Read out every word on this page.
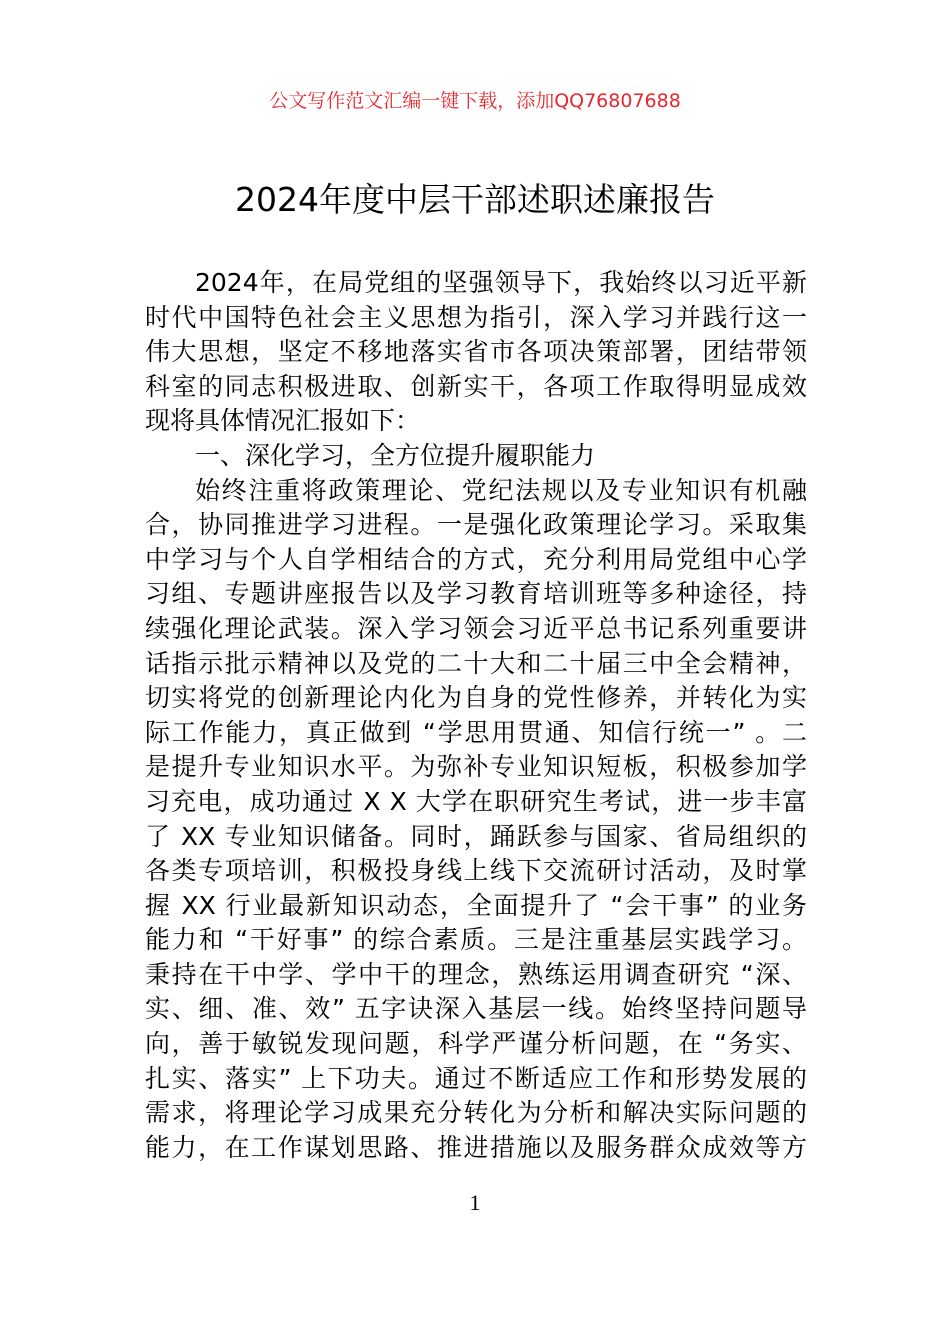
公文写作范文汇编一键下载，添加QQ76807688
2024年度中层干部述职述廉报告
2024年，在局党组的坚强领导下，我始终以习近平新
时代中国特色社会主义思想为指引，深入学习并践行这一
伟大思想，坚定不移地落实省市各项决策部署，团结带领
科室的同志积极进取、创新实干，各项工作取得明显成效
现将具体情况汇报如下：
一、深化学习，全方位提升履职能力
始终注重将政策理论、党纪法规以及专业知识有机融
合，协同推进学习进程。一是强化政策理论学习。采取集
中学习与个人自学相结合的方式，充分利用局党组中心学
习组、专题讲座报告以及学习教育培训班等多种途径，持
续强化理论武装。深入学习领会习近平总书记系列重要讲
话指示批示精神以及党的二十大和二十届三中全会精神，
切实将党的创新理论内化为自身的党性修养，并转化为实
际工作能力，真正做到 “学思用贯通、知信行统一” 。二
是提升专业知识水平。为弥补专业知识短板，积极参加学
习充电，成功通过 X X 大学在职研究生考试，进一步丰富
了 XX 专业知识储备。同时，踊跃参与国家、省局组织的
各类专项培训，积极投身线上线下交流研讨活动，及时掌
握 XX 行业最新知识动态，全面提升了 “会干事” 的业务
能力和 “干好事” 的综合素质。三是注重基层实践学习。
秉持在干中学、学中干的理念，熟练运用调查研究 “深、
实、细、准、效” 五字诀深入基层一线。始终坚持问题导
向，善于敏锐发现问题，科学严谨分析问题，在 “务实、
扎实、落实” 上下功夫。通过不断适应工作和形势发展的
需求，将理论学习成果充分转化为分析和解决实际问题的
能力，在工作谋划思路、推进措施以及服务群众成效等方
1
